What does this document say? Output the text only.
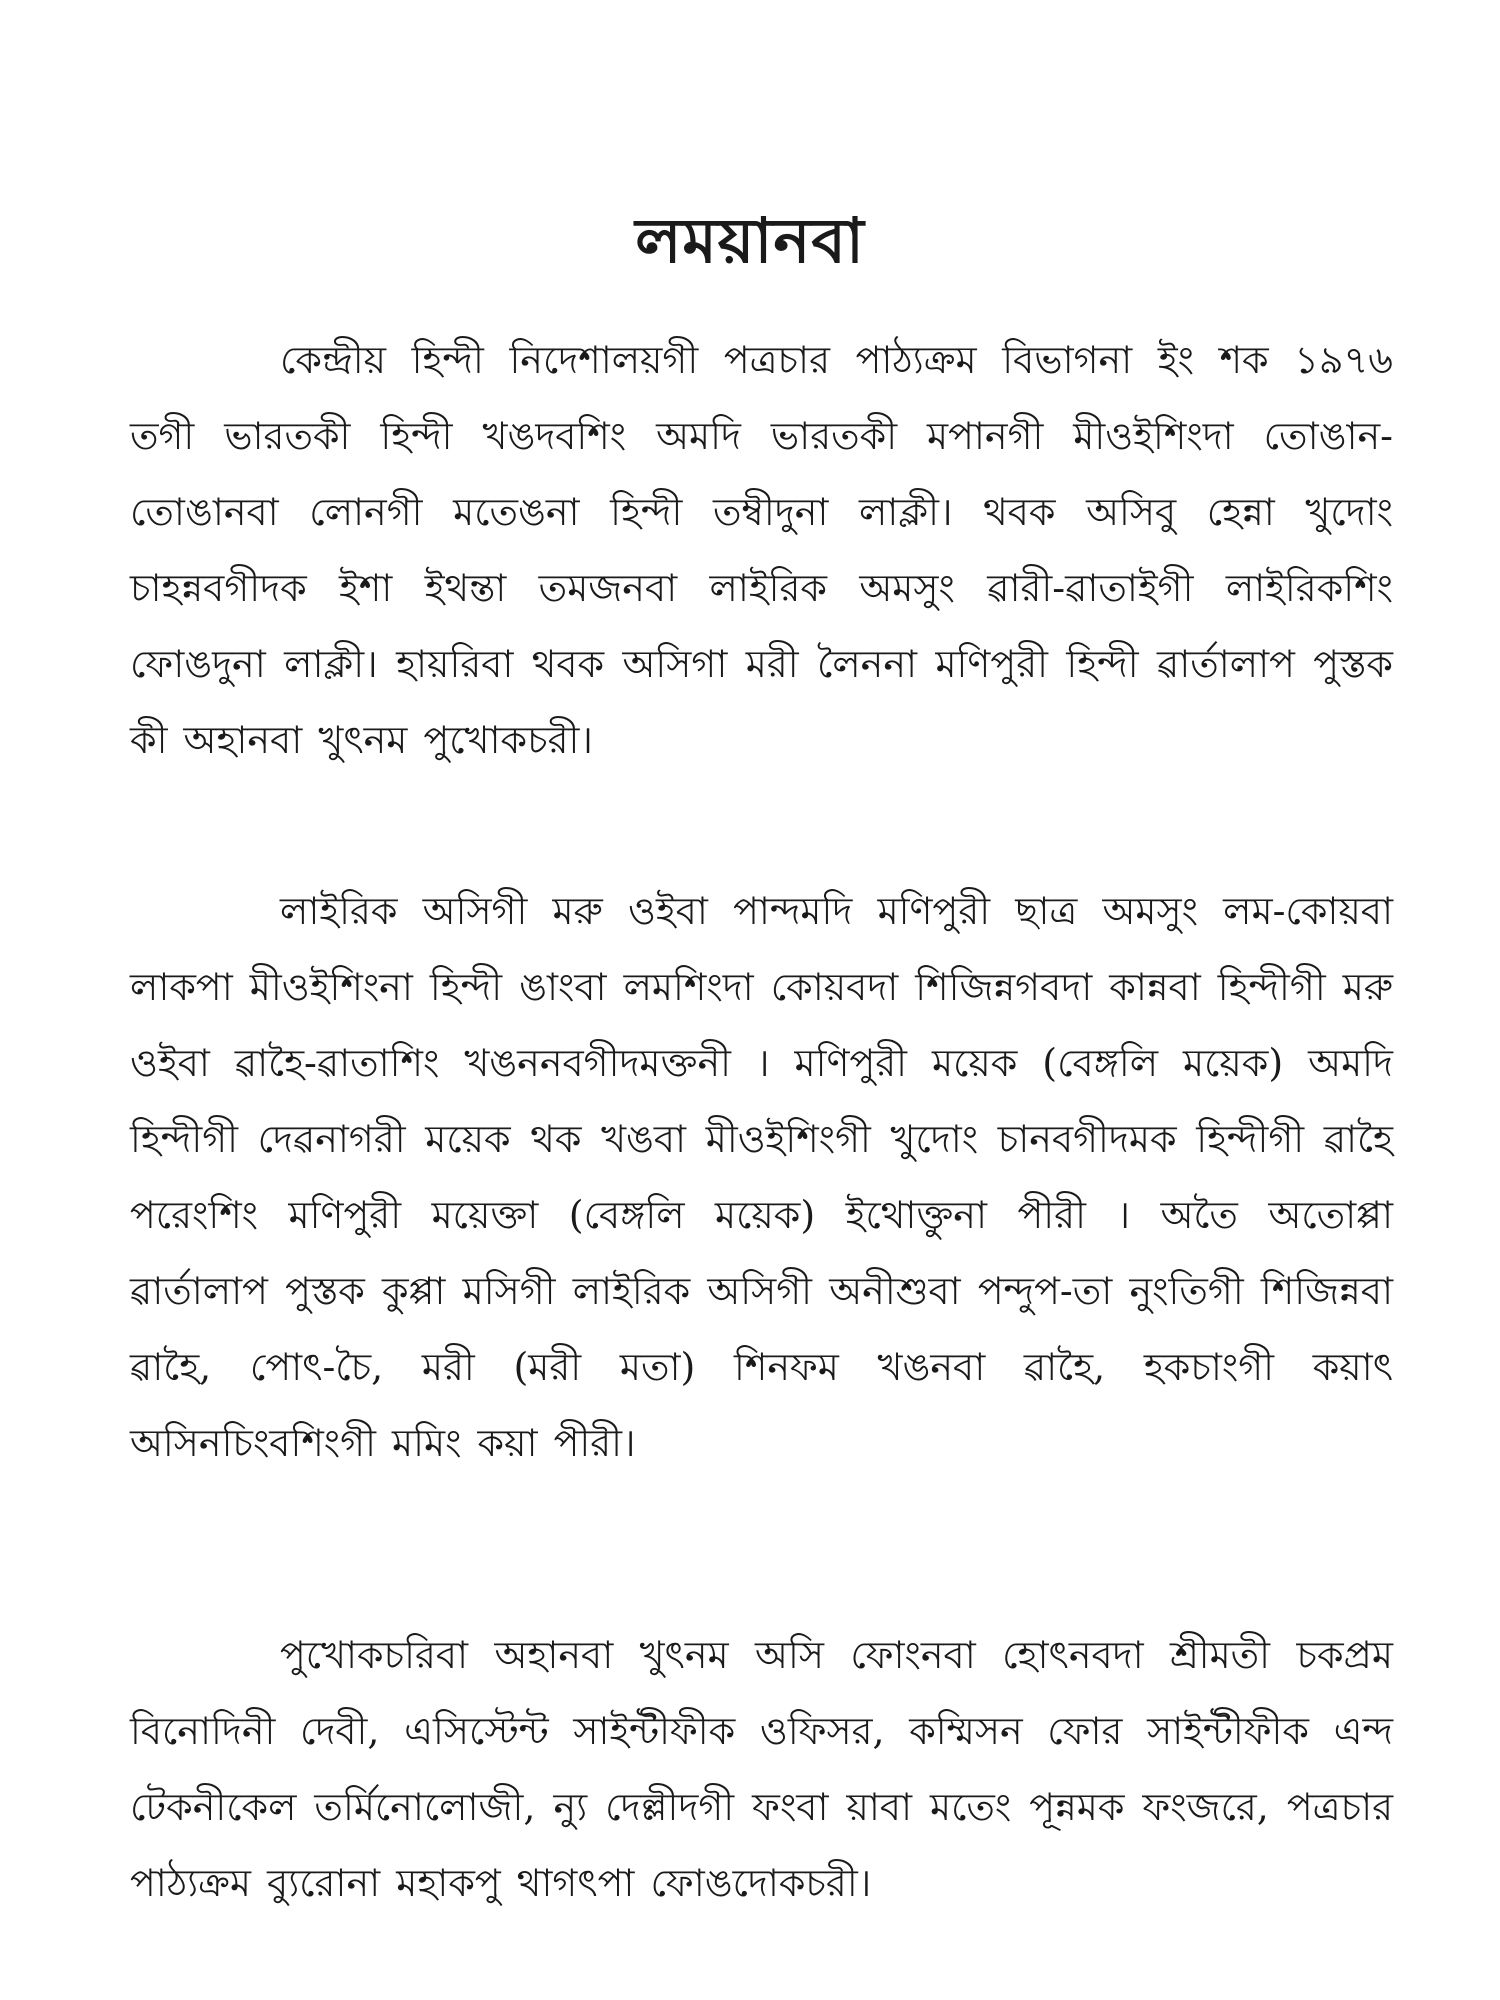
লময়ানবা

কেন্দ্রীয় হিন্দী নিদেশালয়গী পত্রচার পাঠ্যক্রম বিভাগনা ইং শক ১৯৭৬ তগী ভারতকী হিন্দী খঙদবশিং অমদি ভারতকী মপানগী মীওইশিংদা তোঙান-তোঙানবা লোনগী মতেঙনা হিন্দী তম্বীদুনা লাক্লী। থবক অসিবু হেন্না খুদোং চাহন্নবগীদক ইশা ইথন্তা তমজনবা লাইরিক অমসুং ৱারী-ৱাতাইগী লাইরিকশিং ফোঙদুনা লাক্লী। হায়রিবা থবক অসিগা মরী লৈননা মণিপুরী হিন্দী ৱার্তালাপ পুস্তক কী অহানবা খুৎনম পুখোকচরী।

লাইরিক অসিগী মরু ওইবা পান্দমদি মণিপুরী ছাত্র অমসুং লম-কোয়বা লাকপা মীওইশিংনা হিন্দী ঙাংবা লমশিংদা কোয়বদা শিজিন্নগবদা কান্নবা হিন্দীগী মরু ওইবা ৱাহৈ-ৱাতাশিং খঙননবগীদমক্তনী । মণিপুরী ময়েক (বেঙ্গলি ময়েক) অমদি হিন্দীগী দেৱনাগরী ময়েক থক খঙবা মীওইশিংগী খুদোং চানবগীদমক হিন্দীগী ৱাহৈ পরেংশিং মণিপুরী ময়েক্তা (বেঙ্গলি ময়েক) ইথোক্তুনা পীরী । অতৈ অতোপ্পা ৱার্তালাপ পুস্তক কুপ্পা মসিগী লাইরিক অসিগী অনীশুবা পন্দুপ-তা নুংতিগী শিজিন্নবা ৱাহৈ, পোৎ-চৈ, মরী (মরী মতা) শিনফম খঙনবা ৱাহৈ, হকচাংগী কয়াৎ অসিনচিংবশিংগী মমিং কয়া পীরী।

পুখোকচরিবা অহানবা খুৎনম অসি ফোংনবা হোৎনবদা শ্রীমতী চকপ্রম বিনোদিনী দেবী, এসিস্টেন্ট সাইন্টীফীক ওফিসর, কম্মিসন ফোর সাইন্টীফীক এন্দ টেকনীকেল তর্মিনোলোজী, ন্যু দেল্লীদগী ফংবা য়াবা মতেং পূন্নমক ফংজরে, পত্রচার পাঠ্যক্রম ব্যুরোনা মহাকপু থাগৎপা ফোঙদোকচরী।
